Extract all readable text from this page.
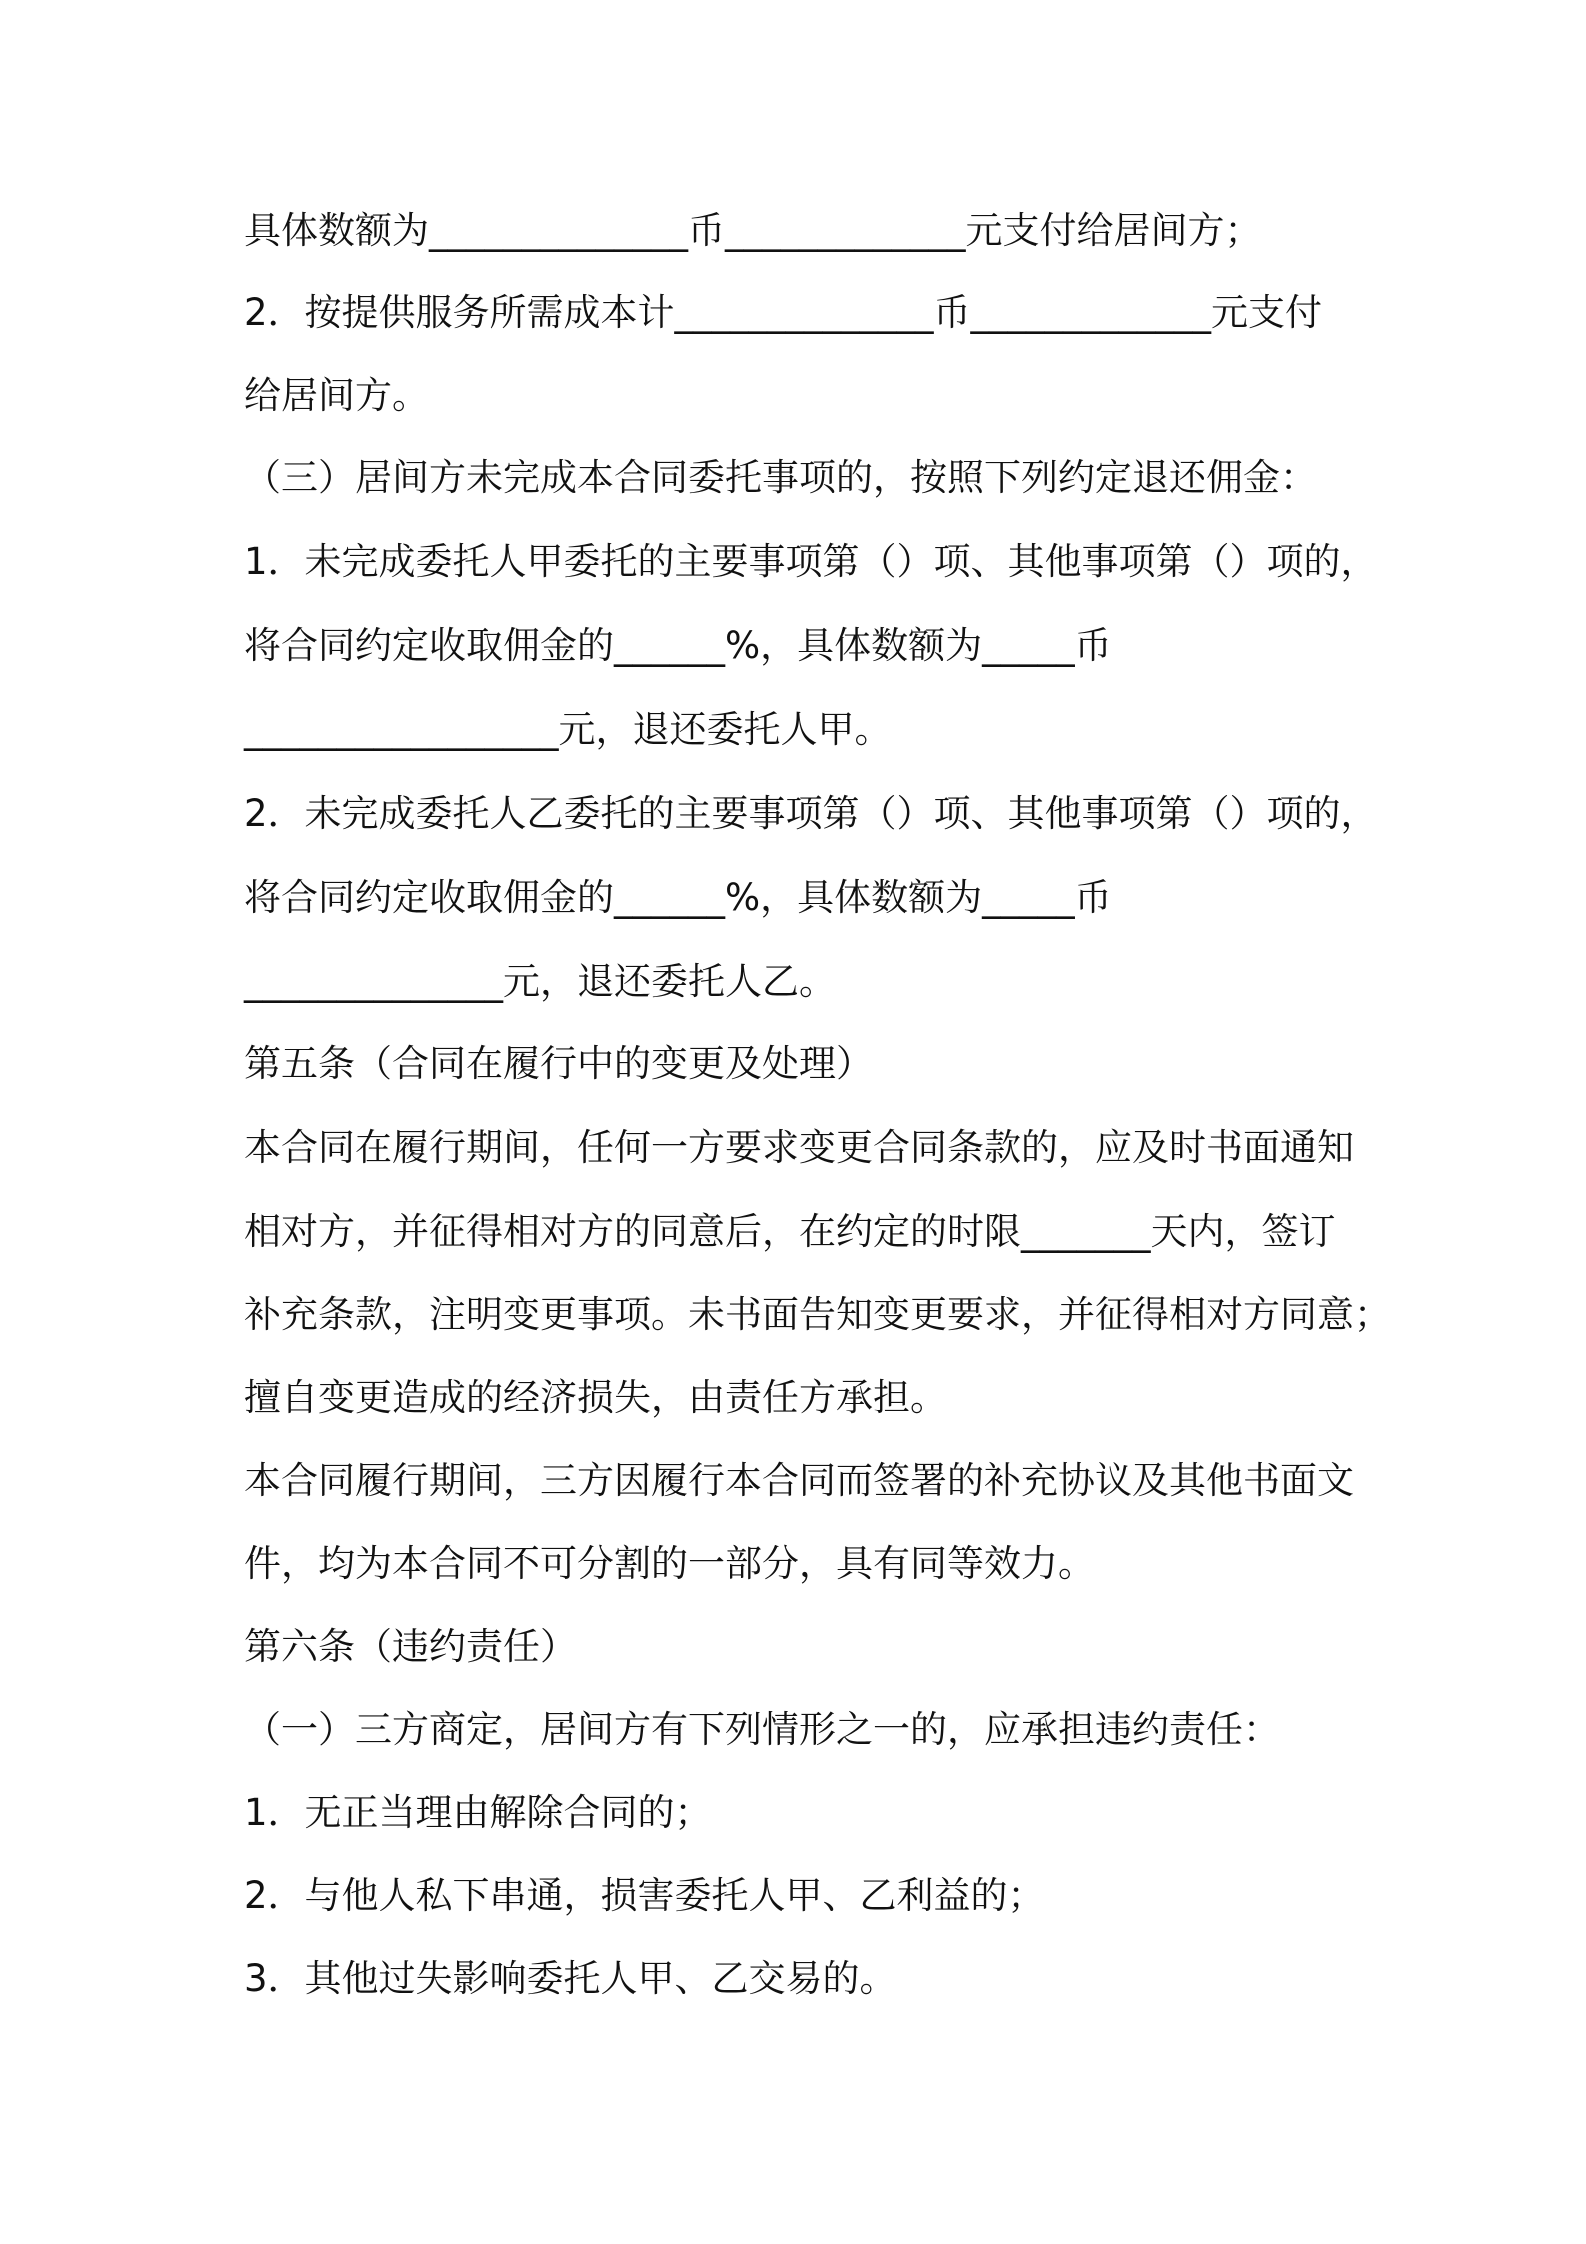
具体数额为______________币_____________元支付给居间方；

2．按提供服务所需成本计______________币_____________元支付

给居间方。

（三）居间方未完成本合同委托事项的，按照下列约定退还佣金：

1．未完成委托人甲委托的主要事项第（）项、其他事项第（）项的，

将合同约定收取佣金的______%，具体数额为_____币

_________________元，退还委托人甲。

2．未完成委托人乙委托的主要事项第（）项、其他事项第（）项的，

将合同约定收取佣金的______%，具体数额为_____币

______________元，退还委托人乙。

第五条（合同在履行中的变更及处理）

本合同在履行期间，任何一方要求变更合同条款的，应及时书面通知

相对方，并征得相对方的同意后，在约定的时限_______天内，签订

补充条款，注明变更事项。未书面告知变更要求，并征得相对方同意；

擅自变更造成的经济损失，由责任方承担。

本合同履行期间，三方因履行本合同而签署的补充协议及其他书面文

件，均为本合同不可分割的一部分，具有同等效力。

第六条（违约责任）

（一）三方商定，居间方有下列情形之一的，应承担违约责任：

1．无正当理由解除合同的；

2．与他人私下串通，损害委托人甲、乙利益的；

3．其他过失影响委托人甲、乙交易的。
